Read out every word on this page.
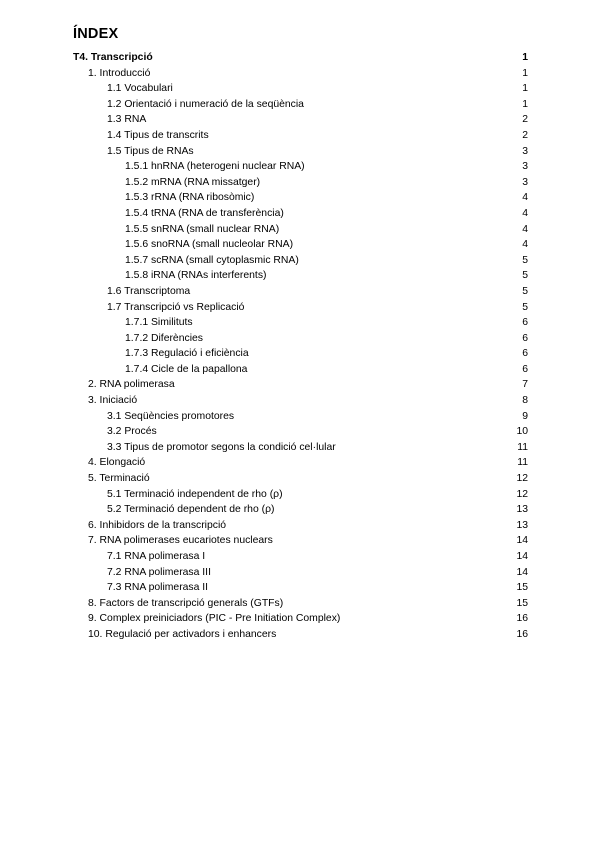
ÍNDEX
T4. Transcripció	1
1. Introducció	1
1.1 Vocabulari	1
1.2 Orientació i numeració de la seqüència	1
1.3 RNA	2
1.4 Tipus de transcrits	2
1.5 Tipus de RNAs	3
1.5.1 hnRNA (heterogeni nuclear RNA)	3
1.5.2 mRNA (RNA missatger)	3
1.5.3 rRNA (RNA ribosòmic)	4
1.5.4 tRNA (RNA de transferència)	4
1.5.5 snRNA (small nuclear RNA)	4
1.5.6 snoRNA (small nucleolar RNA)	4
1.5.7 scRNA (small cytoplasmic RNA)	5
1.5.8 iRNA (RNAs interferents)	5
1.6 Transcriptoma	5
1.7 Transcripció vs Replicació	5
1.7.1 Similituts	6
1.7.2 Diferències	6
1.7.3 Regulació i eficiència	6
1.7.4 Cicle de la papallona	6
2. RNA polimerasa	7
3. Iniciació	8
3.1 Seqüències promotores	9
3.2 Procés	10
3.3 Tipus de promotor segons la condició cel·lular	11
4. Elongació	11
5. Terminació	12
5.1 Terminació independent de rho (ρ)	12
5.2 Terminació dependent de rho (ρ)	13
6. Inhibidors de la transcripció	13
7. RNA polimerases eucariotes nuclears	14
7.1 RNA polimerasa I	14
7.2 RNA polimerasa III	14
7.3 RNA polimerasa II	15
8. Factors de transcripció generals (GTFs)	15
9. Complex preiniciadors (PIC - Pre Initiation Complex)	16
10. Regulació per activadors i enhancers	16
